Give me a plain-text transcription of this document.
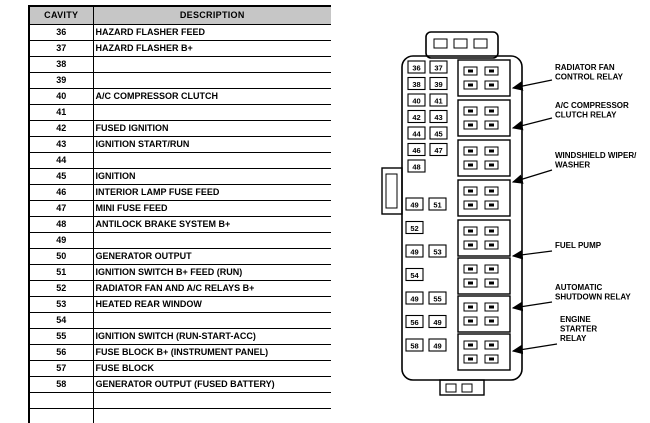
CAVITY	DESCRIPTION
36	HAZARD FLASHER FEED
37	HAZARD FLASHER B+
38	
39	
40	A/C COMPRESSOR CLUTCH
41	
42	FUSED IGNITION
43	IGNITION START/RUN
44	
45	IGNITION
46	INTERIOR LAMP FUSE FEED
47	MINI FUSE FEED
48	ANTILOCK BRAKE SYSTEM B+
49	
50	GENERATOR OUTPUT
51	IGNITION SWITCH B+ FEED (RUN)
52	RADIATOR FAN AND A/C RELAYS B+
53	HEATED REAR WINDOW
54	
55	IGNITION SWITCH (RUN-START-ACC)
56	FUSE BLOCK B+ (INSTRUMENT PANEL)
57	FUSE BLOCK
58	GENERATOR OUTPUT (FUSED BATTERY)

36
38
40
42
44
46
48
37
39
41
43
45
47
49 51
52
49 53
54
49 55
56 49
58 49
RADIATOR FAN
CONTROL RELAY
A/C COMPRESSOR
CLUTCH RELAY
WINDSHIELD WIPER/
WASHER
FUEL PUMP
AUTOMATIC
SHUTDOWN RELAY
ENGINE
STARTER
RELAY
